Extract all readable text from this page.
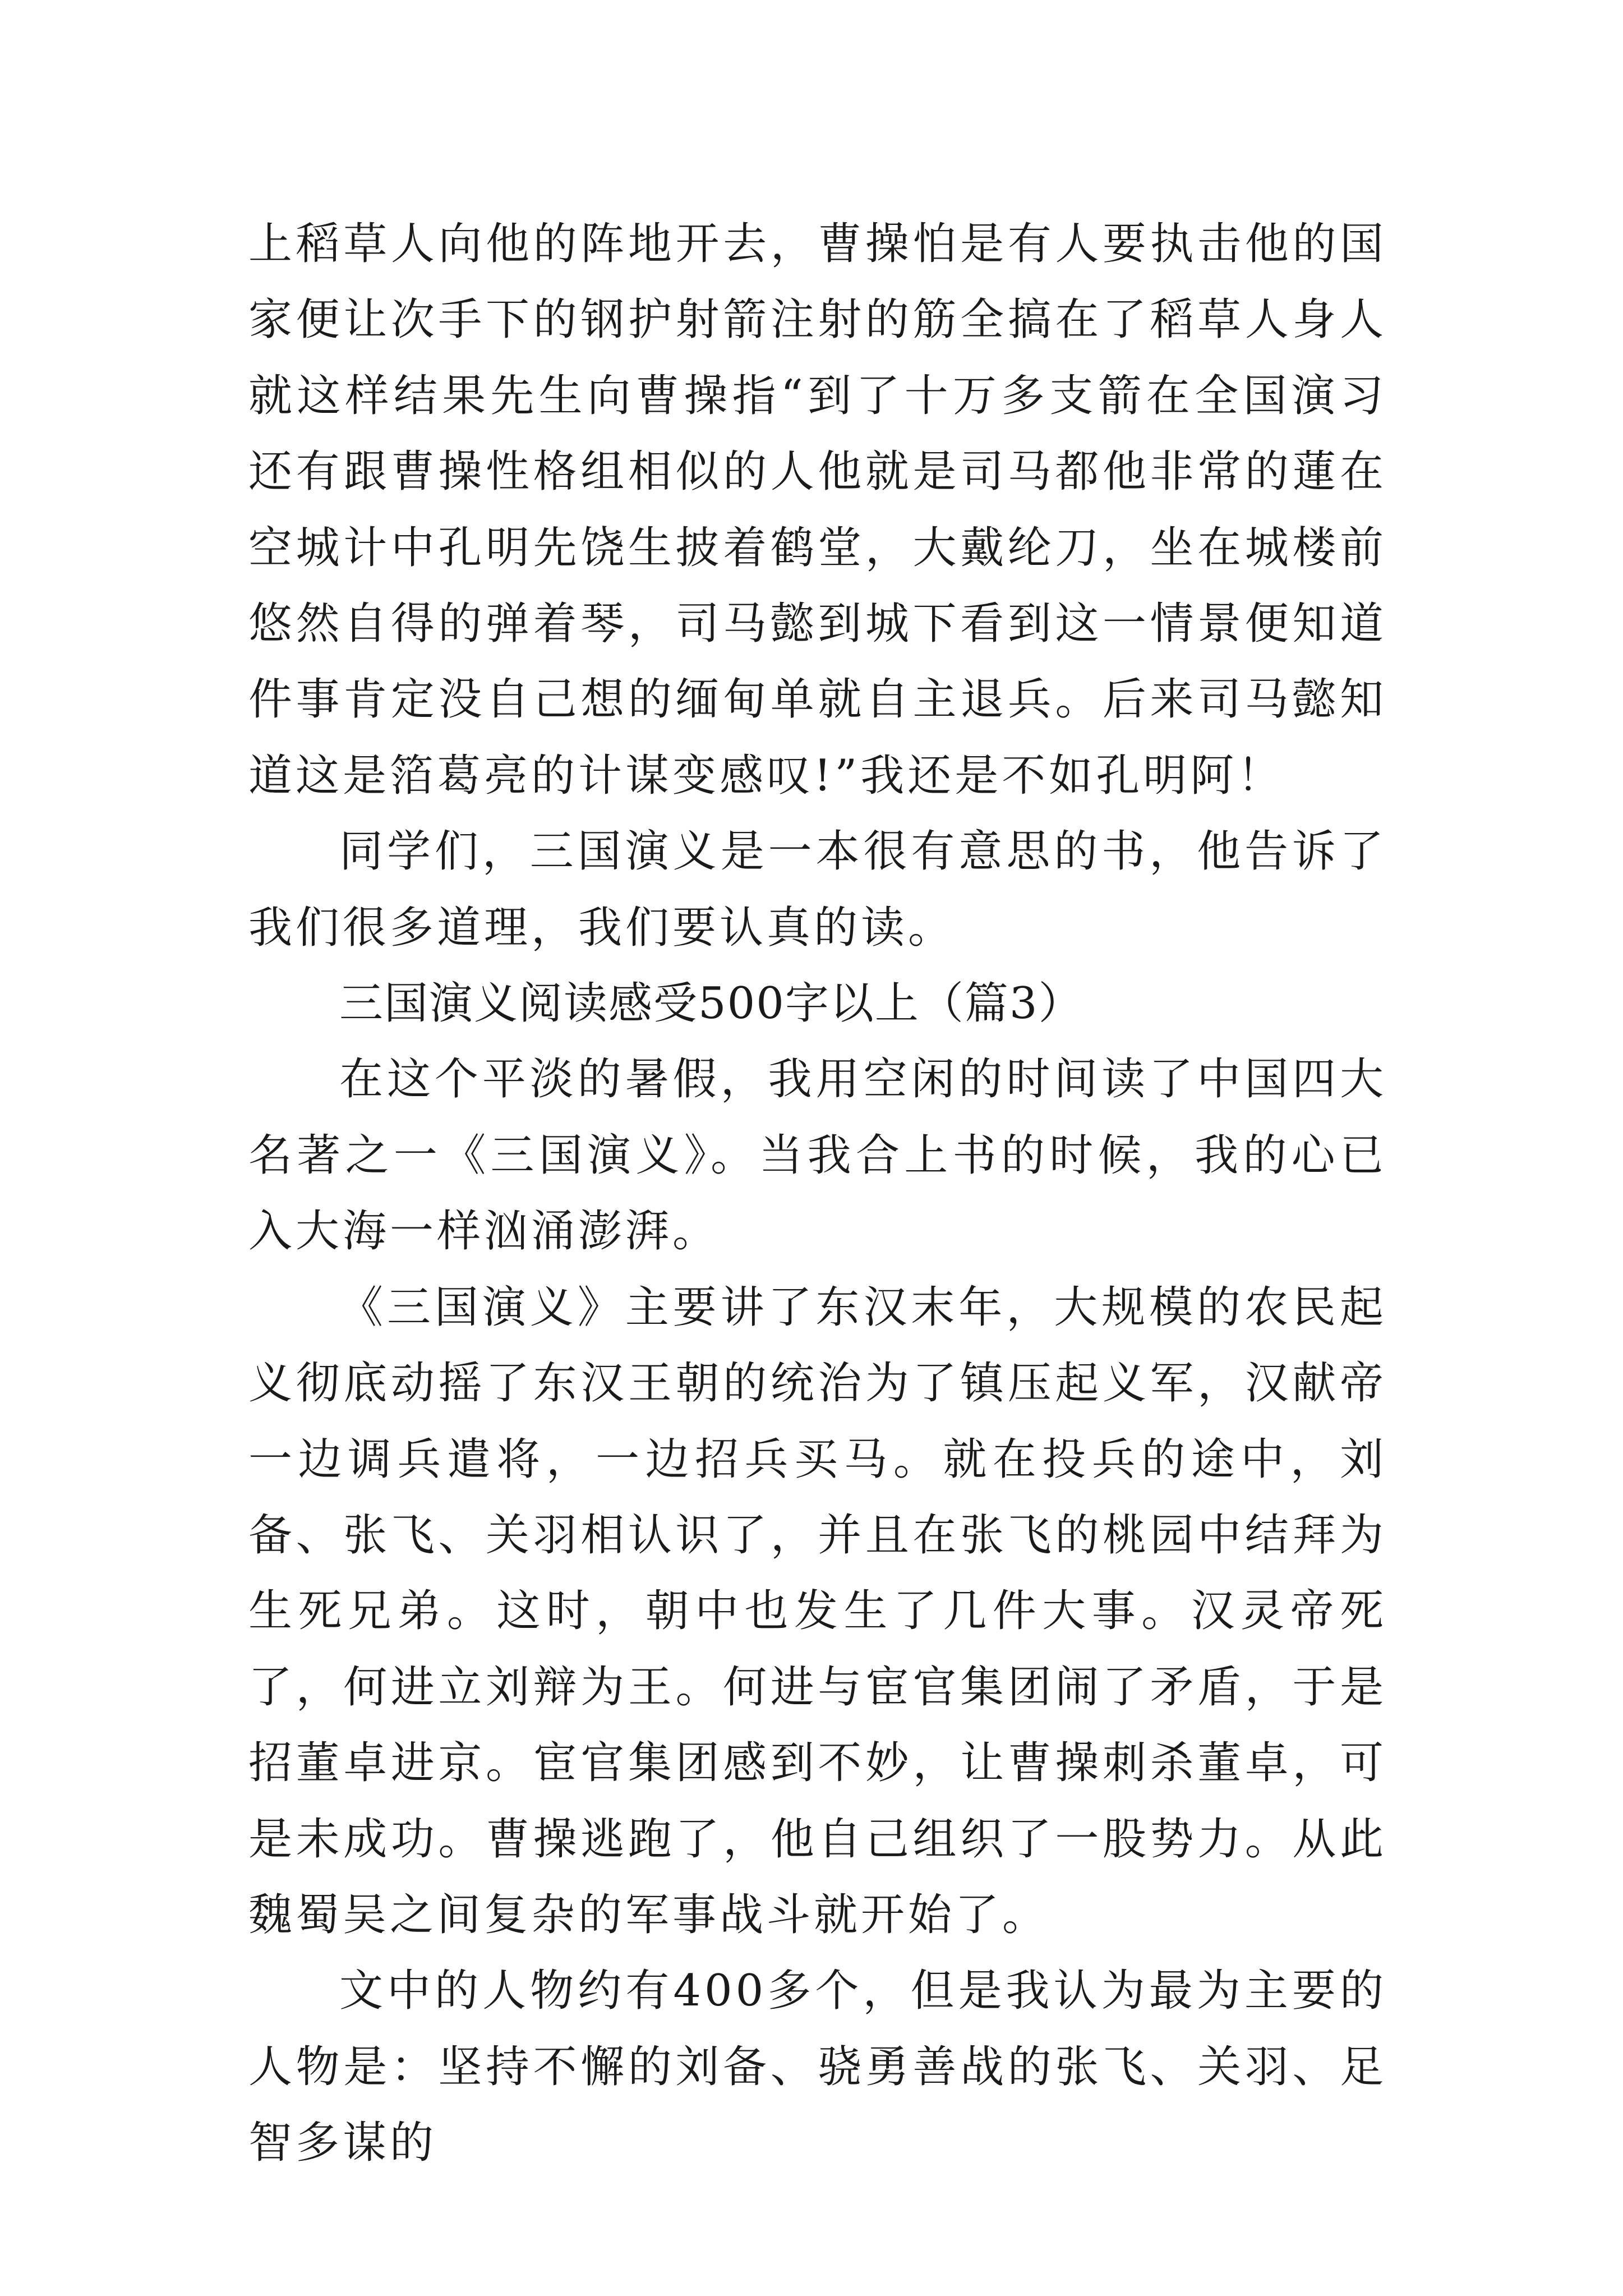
上稻草人向他的阵地开去，曹操怕是有人要执击他的国家便让次手下的钢护射箭注射的筋全搞在了稻草人身人就这样结果先生向曹操指“到了十万多支箭在全国演习还有跟曹操性格组相似的人他就是司马都他非常的蓮在空城计中孔明先饶生披着鹤堂，大戴纶刀，坐在城楼前悠然自得的弹着琴，司马懿到城下看到这一情景便知道件事肯定没自己想的缅甸单就自主退兵。后来司马懿知道这是箔葛亮的计谋变感叹!”我还是不如孔明阿！

同学们，三国演义是一本很有意思的书，他告诉了我们很多道理，我们要认真的读。

三国演义阅读感受500字以上（篇3）

在这个平淡的暑假，我用空闲的时间读了中国四大名著之一《三国演义》。当我合上书的时候，我的心已入大海一样汹涌澎湃。

《三国演义》主要讲了东汉末年，大规模的农民起义彻底动摇了东汉王朝的统治为了镇压起义军，汉献帝一边调兵遣将，一边招兵买马。就在投兵的途中，刘备、张飞、关羽相认识了，并且在张飞的桃园中结拜为生死兄弟。这时，朝中也发生了几件大事。汉灵帝死了，何进立刘辩为王。何进与宦官集团闹了矛盾，于是招董卓进京。宦官集团感到不妙，让曹操刺杀董卓，可是未成功。曹操逃跑了，他自己组织了一股势力。从此魏蜀吴之间复杂的军事战斗就开始了。

文中的人物约有400多个，但是我认为最为主要的人物是：坚持不懈的刘备、骁勇善战的张飞、关羽、足智多谋的
